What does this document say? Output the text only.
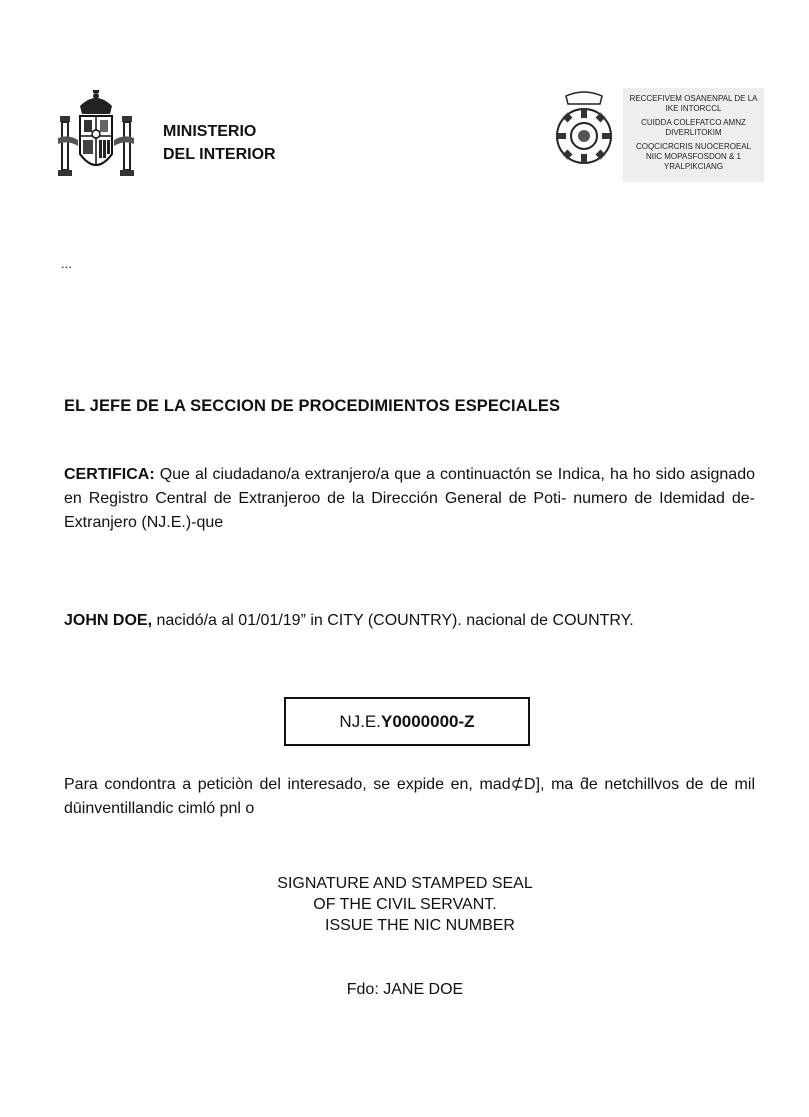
MINISTERIO
DEL INTERIOR
RECCEFIVEM OSANENPAL DE LA IKE INTORCCL
CUIDDA COLEFATCO AMNZ DIVERLITOKIM
COQCICRCRIS NUOCEROEAL NIIC MOPASFOSDON & 1 YRALPIKCIANG
...
EL JEFE DE LA SECCION DE PROCEDIMIENTOS ESPECIALES
CERTIFICA: Que al ciudadano/a extranjero/a que a continuactón se Indica, ha ho sido asignado en Registro Central de Extranjeroo de la Dirección General de Poti- numero de Idemidad de-Extranjero (NJ.E.)-que
JOHN DOE, nacidó/a al 01/01/19” in CITY (COUNTRY). nacional de COUNTRY.
NJ.E. Y0000000-Z
Para condontra a peticiòn del interesado, se expide en, mad⊄D], ma d̂e netchillvos de de mil dūinventillandic cimló pnl o
SIGNATURE AND STAMPED SEAL
OF THE CIVIL SERVANT.
ISSUE THE NIC NUMBER
Fdo: JANE DOE
